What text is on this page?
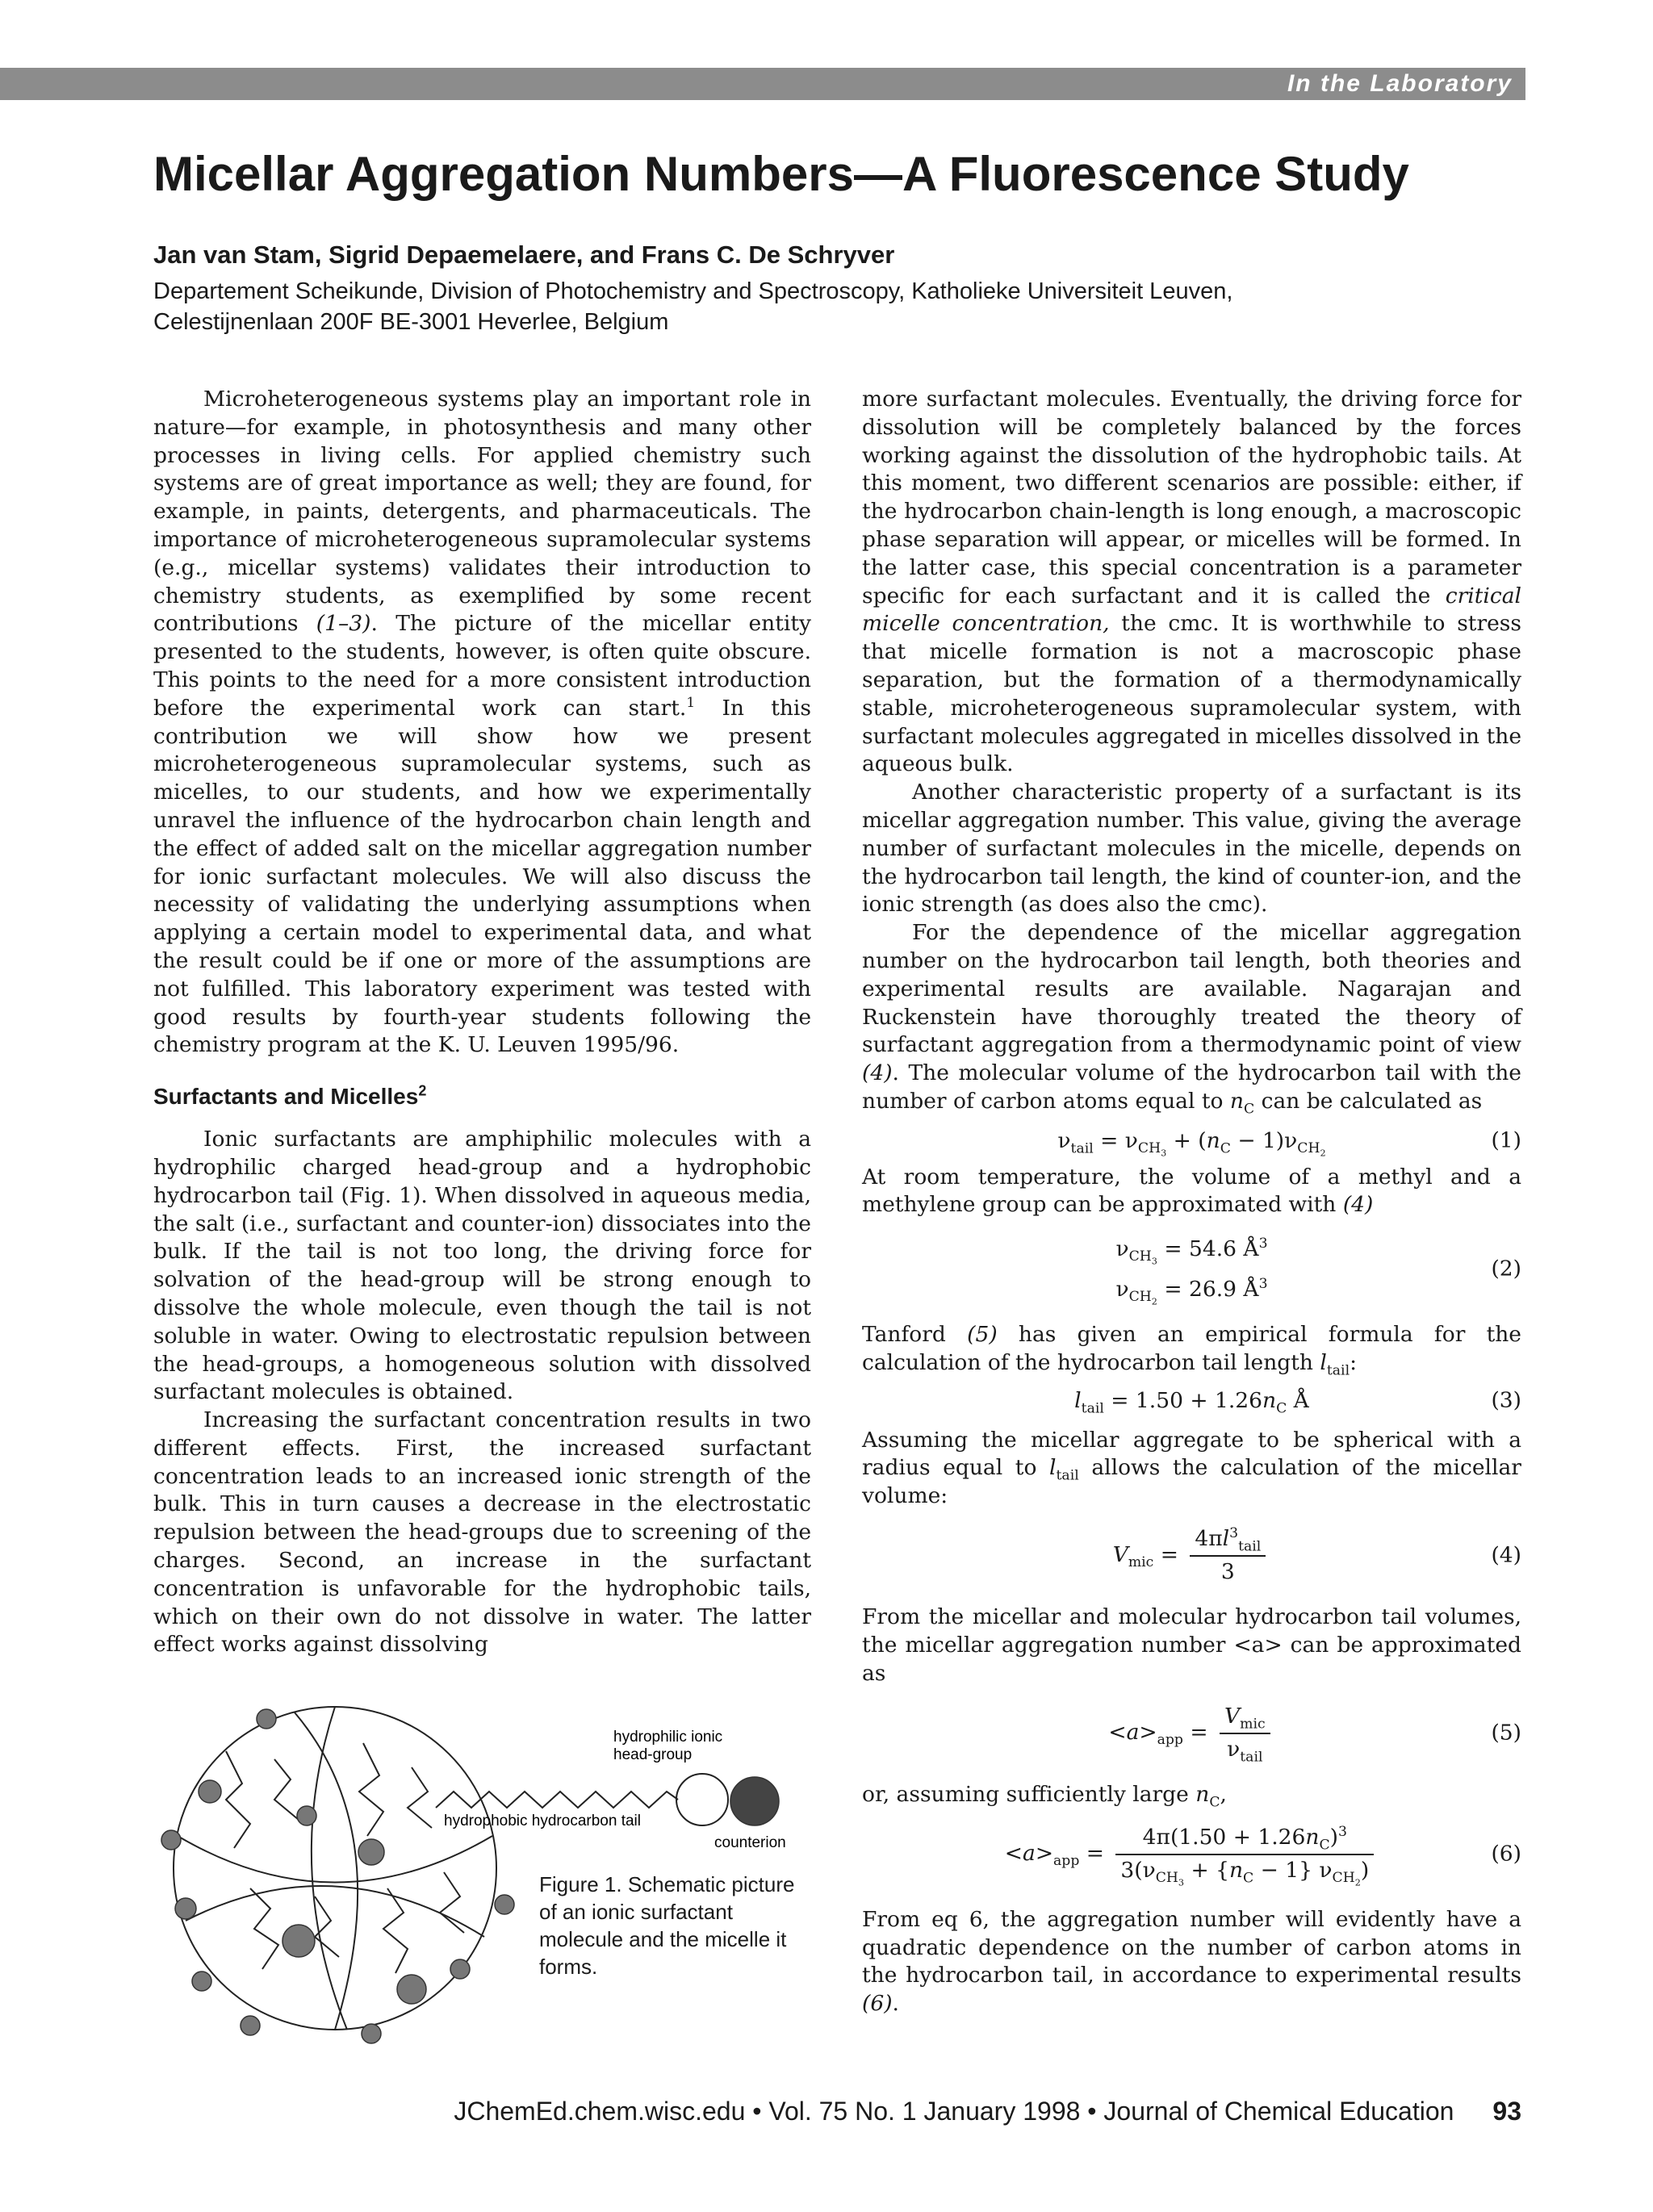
In the Laboratory
Micellar Aggregation Numbers—A Fluorescence Study
Jan van Stam, Sigrid Depaemelaere, and Frans C. De Schryver
Departement Scheikunde, Division of Photochemistry and Spectroscopy, Katholieke Universiteit Leuven,
Celestijnenlaan 200F BE-3001 Heverlee, Belgium

Microheterogeneous systems play an important role in nature—for example, in photosynthesis and many other processes in living cells. For applied chemistry such systems are of great importance as well; they are found, for example, in paints, detergents, and pharmaceuticals. The importance of microheterogeneous supramolecular systems (e.g., micellar systems) validates their introduction to chemistry students, as exemplified by some recent contributions (1–3). The picture of the micellar entity presented to the students, however, is often quite obscure. This points to the need for a more consistent introduction before the experimental work can start.$^1$ In this contribution we will show how we present microheterogeneous supramolecular systems, such as micelles, to our students, and how we experimentally unravel the influence of the hydrocarbon chain length and the effect of added salt on the micellar aggregation number for ionic surfactant molecules. We will also discuss the necessity of validating the underlying assumptions when applying a certain model to experimental data, and what the result could be if one or more of the assumptions are not fulfilled. This laboratory experiment was tested with good results by fourth-year students following the chemistry program at the K. U. Leuven 1995/96.

Surfactants and Micelles$^2$

Ionic surfactants are amphiphilic molecules with a hydrophilic charged head-group and a hydrophobic hydrocarbon tail (Fig. 1). When dissolved in aqueous media, the salt (i.e., surfactant and counter-ion) dissociates into the bulk. If the tail is not too long, the driving force for solvation of the head-group will be strong enough to dissolve the whole molecule, even though the tail is not soluble in water. Owing to electrostatic repulsion between the head-groups, a homogeneous solution with dissolved surfactant molecules is obtained.

Increasing the surfactant concentration results in two different effects. First, the increased surfactant concentration leads to an increased ionic strength of the bulk. This in turn causes a decrease in the electrostatic repulsion between the head-groups due to screening of the charges. Second, an increase in the surfactant concentration is unfavorable for the hydrophobic tails, which on their own do not dissolve in water. The latter effect works against dissolving

hydrophilic ionic
head-group
hydrophobic hydrocarbon tail
counterion
Figure 1. Schematic picture of an ionic surfactant molecule and the micelle it forms.

more surfactant molecules. Eventually, the driving force for dissolution will be completely balanced by the forces working against the dissolution of the hydrophobic tails. At this moment, two different scenarios are possible: either, if the hydrocarbon chain-length is long enough, a macroscopic phase separation will appear, or micelles will be formed. In the latter case, this special concentration is a parameter specific for each surfactant and it is called the critical micelle concentration, the cmc. It is worthwhile to stress that micelle formation is not a macroscopic phase separation, but the formation of a thermodynamically stable, microheterogeneous supramolecular system, with surfactant molecules aggregated in micelles dissolved in the aqueous bulk.

Another characteristic property of a surfactant is its micellar aggregation number. This value, giving the average number of surfactant molecules in the micelle, depends on the hydrocarbon tail length, the kind of counter-ion, and the ionic strength (as does also the cmc).

For the dependence of the micellar aggregation number on the hydrocarbon tail length, both theories and experimental results are available. Nagarajan and Ruckenstein have thoroughly treated the theory of surfactant aggregation from a thermodynamic point of view (4). The molecular volume of the hydrocarbon tail with the number of carbon atoms equal to $n_C$ can be calculated as

$\nu_{tail} = \nu_{CH_3} + (n_C - 1)\nu_{CH_2}$
(1)

At room temperature, the volume of a methyl and a methylene group can be approximated with (4)

$\nu_{CH_3} = 54.6$ $Å^3$
$\nu_{CH_2} = 26.9$ $Å^3$
(2)

Tanford (5) has given an empirical formula for the calculation of the hydrocarbon tail length $l_{tail}$:

$l_{tail} = 1.50 + 1.26n_C$ Å	(3)

Assuming the micellar aggregate to be spherical with a radius equal to $l_{tail}$ allows the calculation of the micellar volume:

$V_{mic} = \frac{4\pi l^3_{tail}}{3}$	(4)

From the micellar and molecular hydrocarbon tail volumes, the micellar aggregation number <a> can be approximated as

$<a>_{app} = \frac{V_{mic}}{\nu_{tail}}$	(5)

or, assuming sufficiently large $n_C$,

$<a>_{app} = \frac{4\pi(1.50 + 1.26n_C)^3}{3(\nu_{CH_3} + \{n_C - 1\} \nu_{CH_2})}$	(6)

From eq 6, the aggregation number will evidently have a quadratic dependence on the number of carbon atoms in the hydrocarbon tail, in accordance to experimental results (6).

JChemEd.chem.wisc.edu • Vol. 75 No. 1 January 1998 • Journal of Chemical Education 93
